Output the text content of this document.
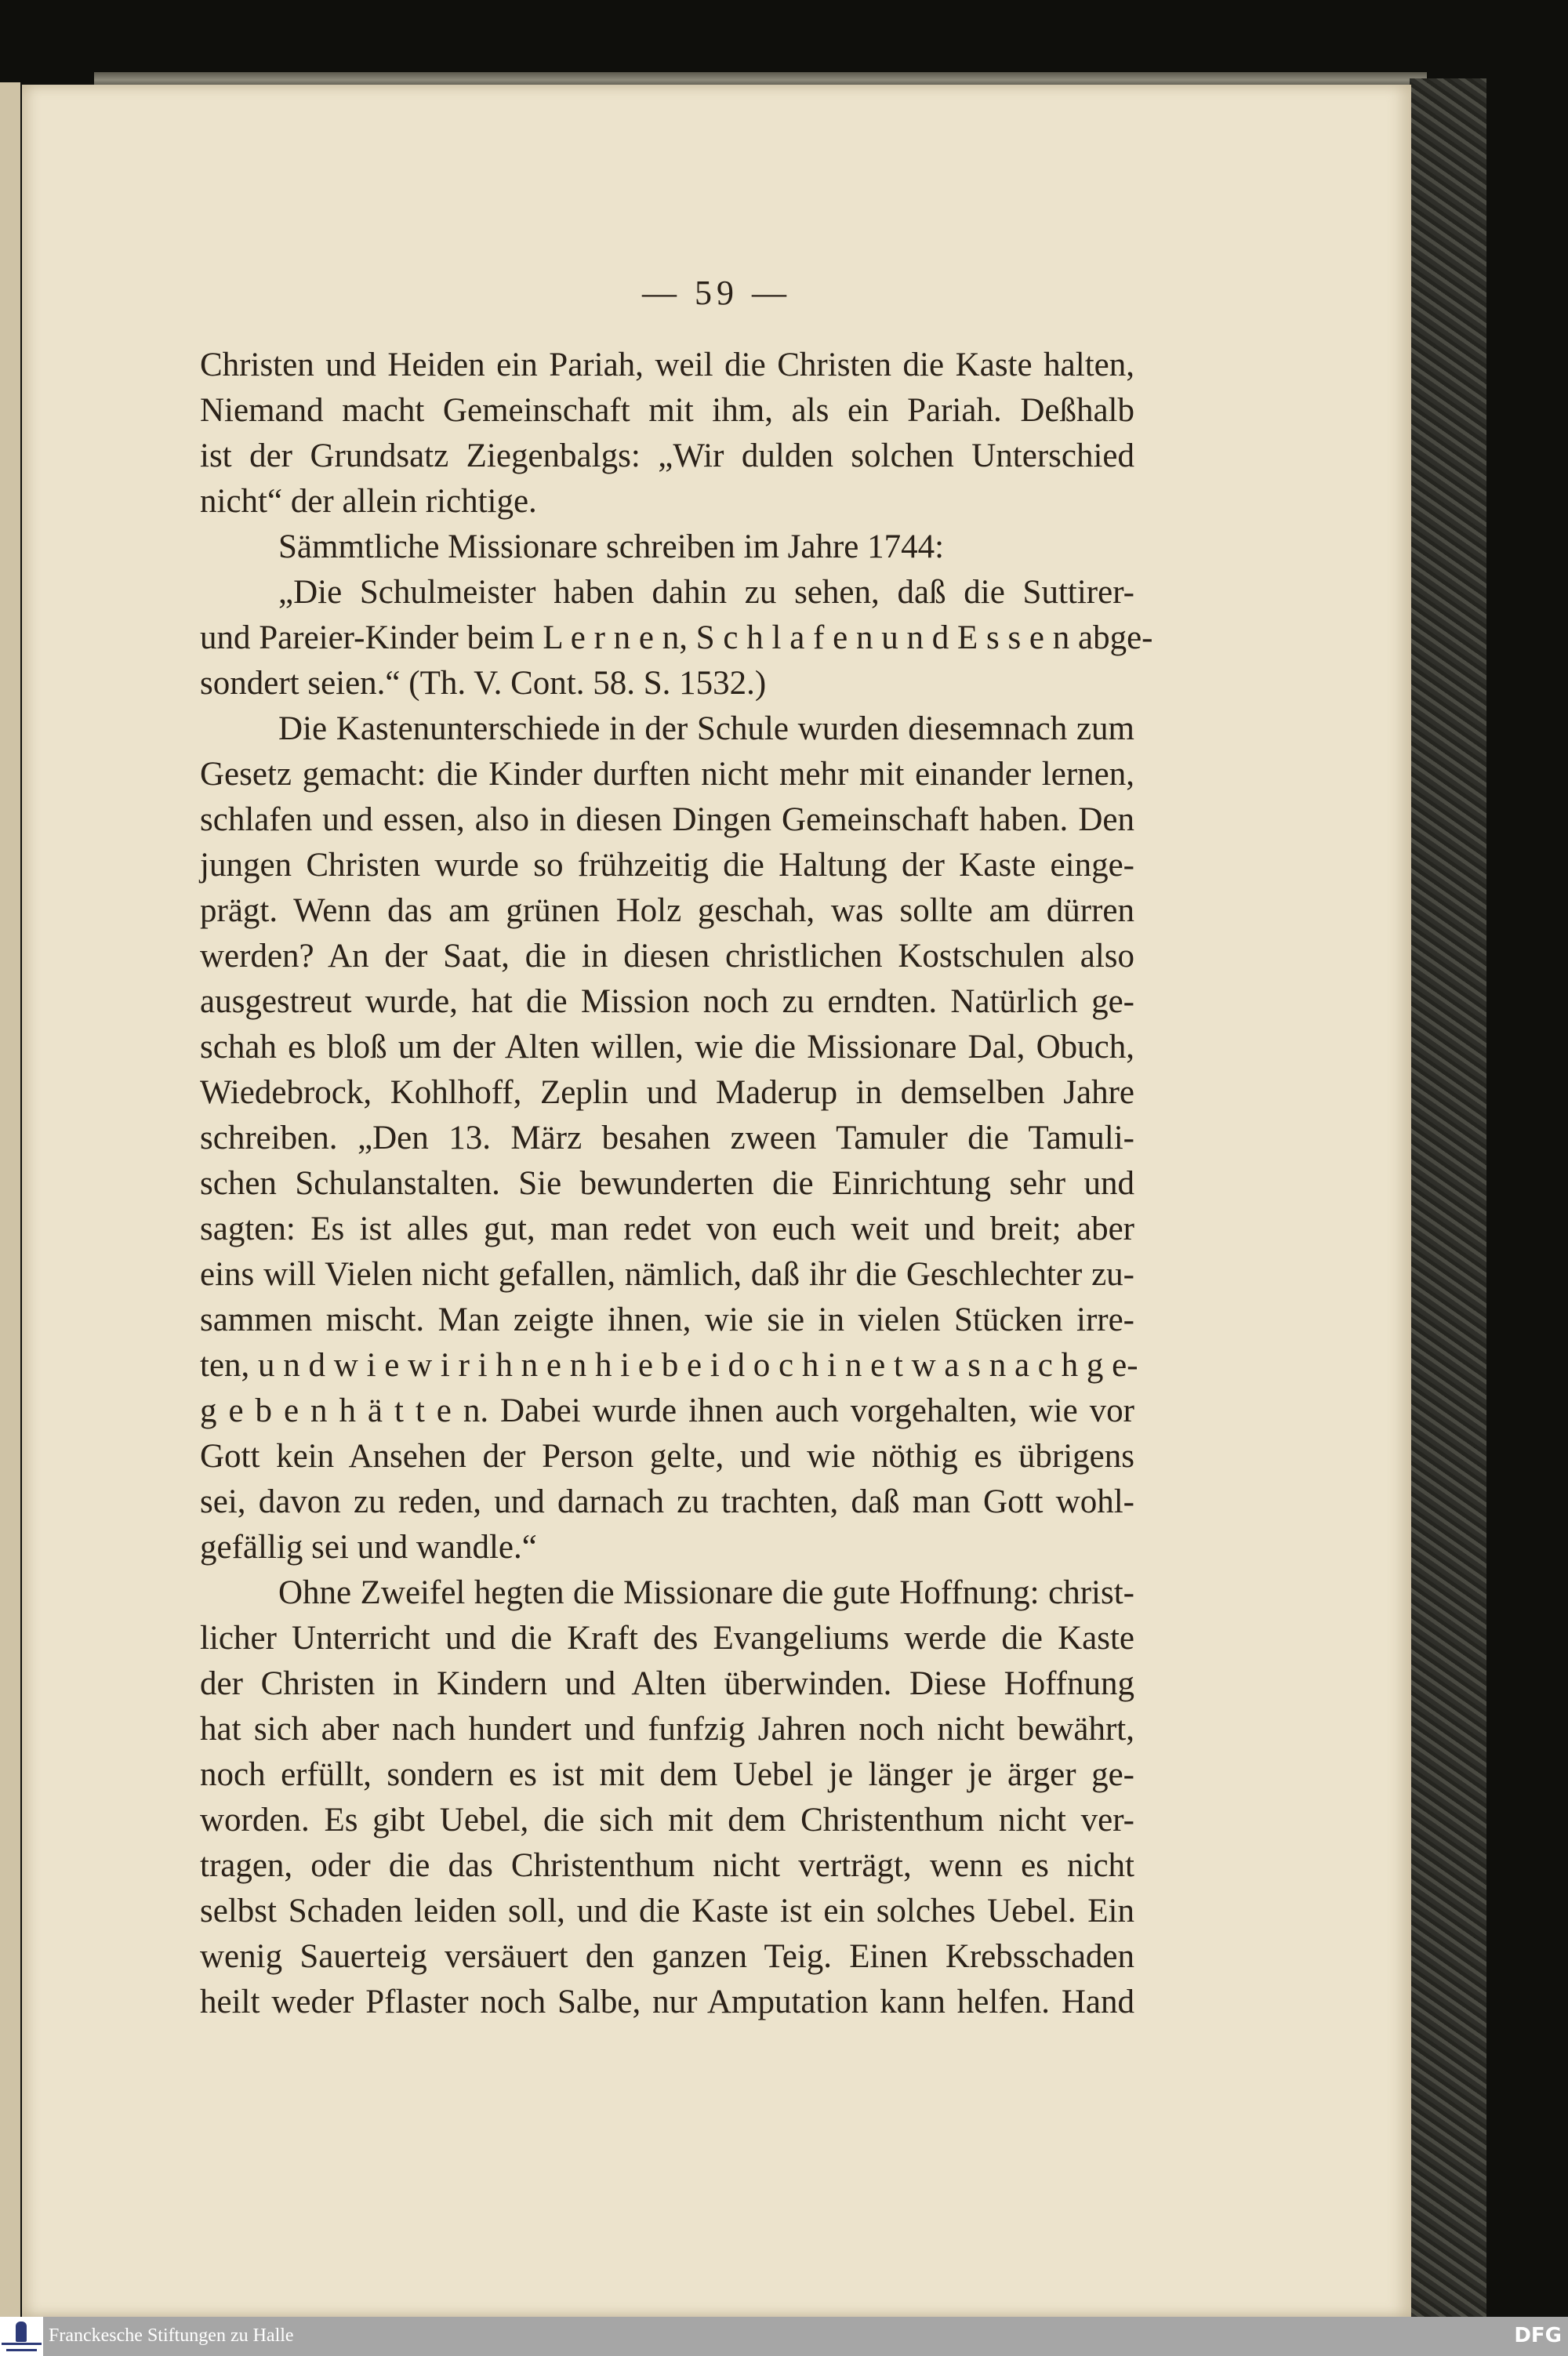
— 59 —
Christen und Heiden ein Pariah, weil die Christen die Kaste halten,
Niemand macht Gemeinschaft mit ihm, als ein Pariah. Deßhalb
ist der Grundsatz Ziegenbalgs: „Wir dulden solchen Unterschied
nicht“ der allein richtige.
Sämmtliche Missionare schreiben im Jahre 1744:
„Die Schulmeister haben dahin zu sehen, daß die Suttirer-
und Pareier-Kinder beim L e r n e n, S c h l a f e n u n d E s s e n abge-
sondert seien.“ (Th. V. Cont. 58. S. 1532.)
Die Kastenunterschiede in der Schule wurden diesemnach zum
Gesetz gemacht: die Kinder durften nicht mehr mit einander lernen,
schlafen und essen, also in diesen Dingen Gemeinschaft haben. Den
jungen Christen wurde so frühzeitig die Haltung der Kaste einge-
prägt. Wenn das am grünen Holz geschah, was sollte am dürren
werden? An der Saat, die in diesen christlichen Kostschulen also
ausgestreut wurde, hat die Mission noch zu erndten. Natürlich ge-
schah es bloß um der Alten willen, wie die Missionare Dal, Obuch,
Wiedebrock, Kohlhoff, Zeplin und Maderup in demselben Jahre
schreiben. „Den 13. März besahen zween Tamuler die Tamuli-
schen Schulanstalten. Sie bewunderten die Einrichtung sehr und
sagten: Es ist alles gut, man redet von euch weit und breit; aber
eins will Vielen nicht gefallen, nämlich, daß ihr die Geschlechter zu-
sammen mischt. Man zeigte ihnen, wie sie in vielen Stücken irre-
ten, u n d w i e w i r i h n e n h i e b e i d o c h i n e t w a s n a c h g e-
g e b e n h ä t t e n. Dabei wurde ihnen auch vorgehalten, wie vor
Gott kein Ansehen der Person gelte, und wie nöthig es übrigens
sei, davon zu reden, und darnach zu trachten, daß man Gott wohl-
gefällig sei und wandle.“
Ohne Zweifel hegten die Missionare die gute Hoffnung: christ-
licher Unterricht und die Kraft des Evangeliums werde die Kaste
der Christen in Kindern und Alten überwinden. Diese Hoffnung
hat sich aber nach hundert und funfzig Jahren noch nicht bewährt,
noch erfüllt, sondern es ist mit dem Uebel je länger je ärger ge-
worden. Es gibt Uebel, die sich mit dem Christenthum nicht ver-
tragen, oder die das Christenthum nicht verträgt, wenn es nicht
selbst Schaden leiden soll, und die Kaste ist ein solches Uebel. Ein
wenig Sauerteig versäuert den ganzen Teig. Einen Krebsschaden
heilt weder Pflaster noch Salbe, nur Amputation kann helfen. Hand
Franckesche Stiftungen zu Halle	DFG
